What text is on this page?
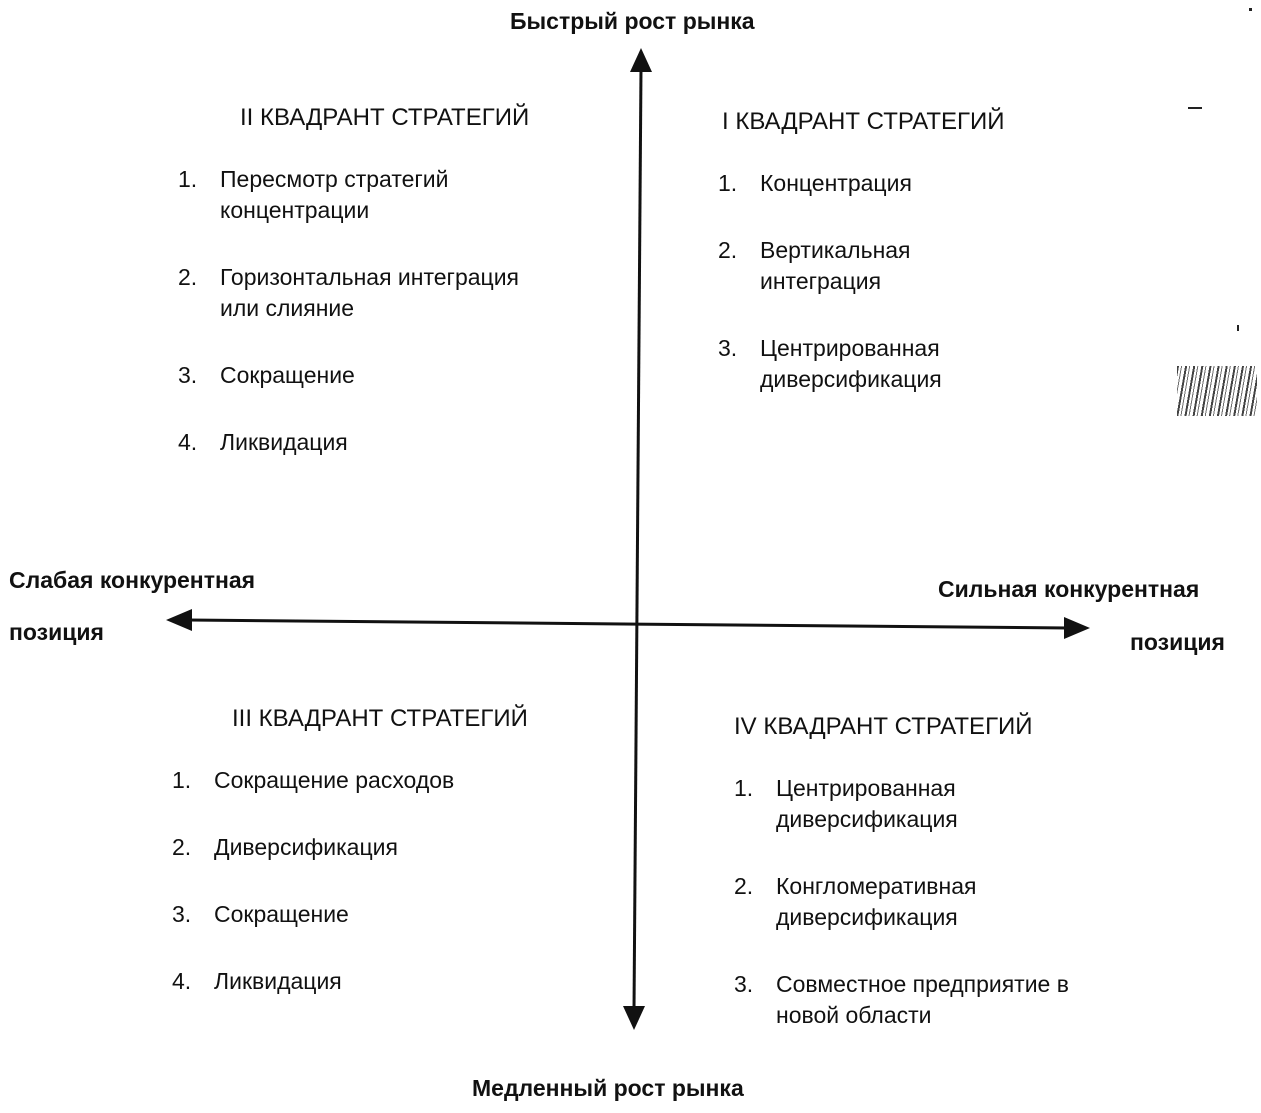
Быстрый рост рынка
Медленный рост рынка
Слабая конкурентная
позиция
Сильная конкурентная
позиция
II КВАДРАНТ СТРАТЕГИЙ
1. Пересмотр стратегий концентрации
2. Горизонтальная интеграция или слияние
3. Сокращение
4. Ликвидация
I КВАДРАНТ СТРАТЕГИЙ
1. Концентрация
2. Вертикальная интеграция
3. Центрированная диверсификация
III КВАДРАНТ СТРАТЕГИЙ
1. Сокращение расходов
2. Диверсификация
3. Сокращение
4. Ликвидация
IV КВАДРАНТ СТРАТЕГИЙ
1. Центрированная диверсификация
2. Конгломеративная диверсификация
3. Совместное предприятие в новой области
